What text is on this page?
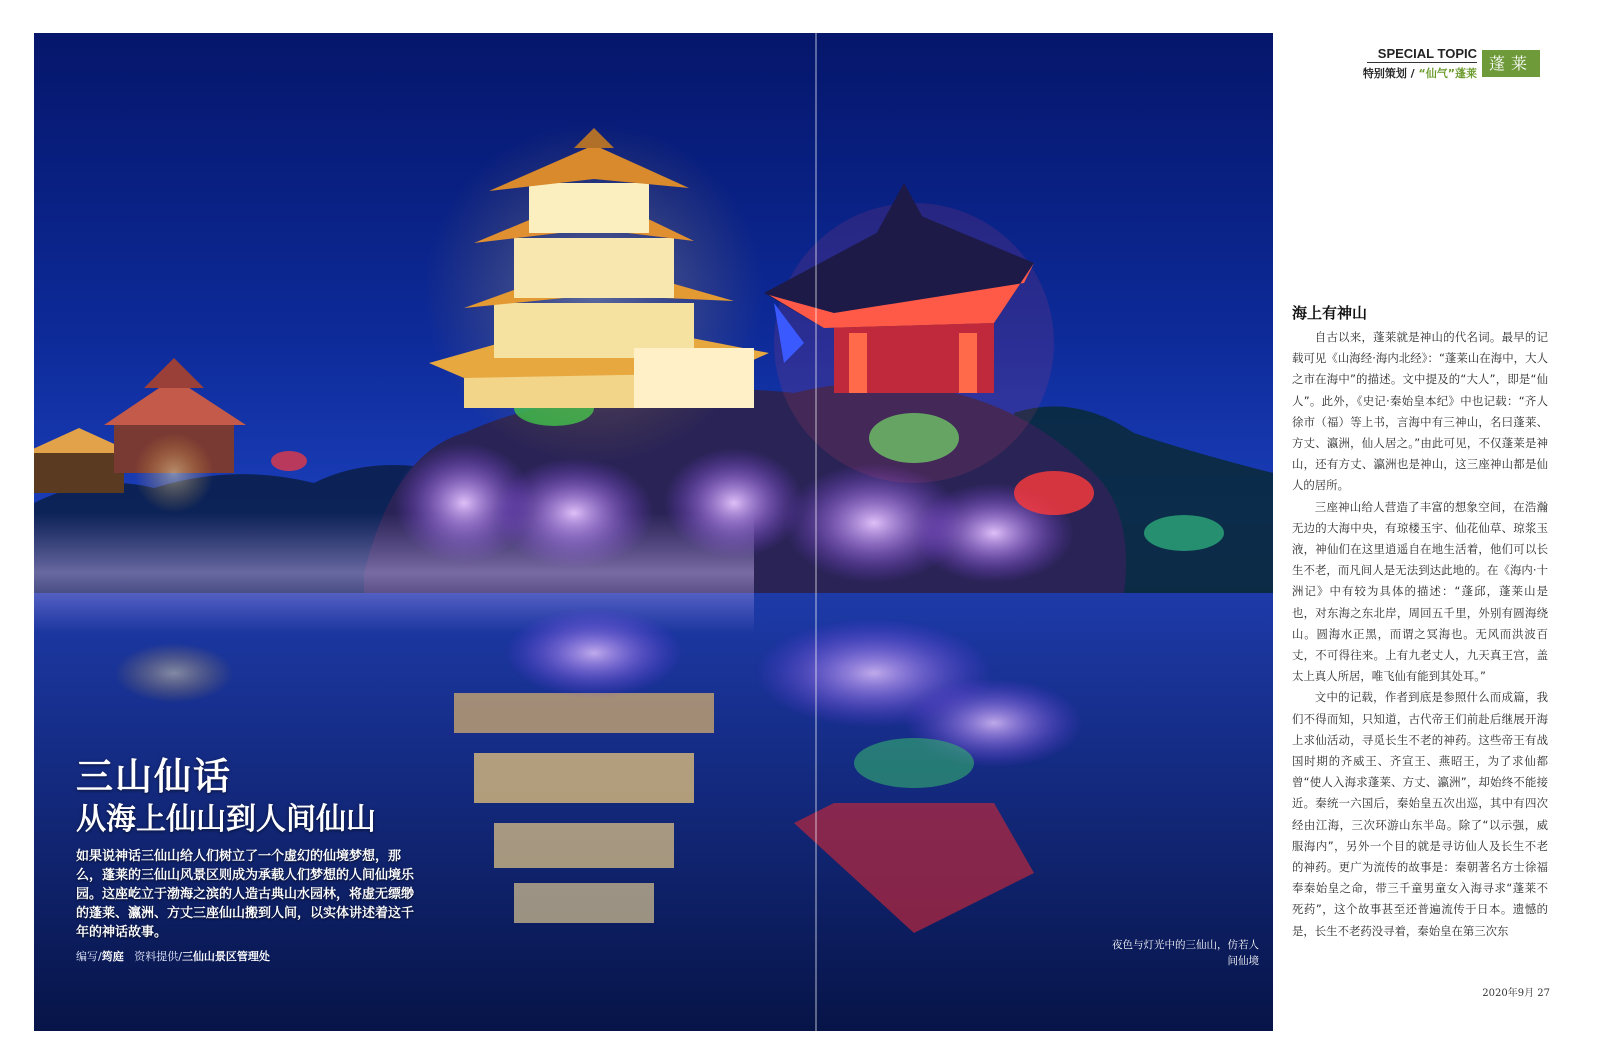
三山仙话
从海上仙山到人间仙山

如果说神话三仙山给人们树立了一个虚幻的仙境梦想，那么，蓬莱的三仙山风景区则成为承载人们梦想的人间仙境乐园。这座屹立于渤海之滨的人造古典山水园林，将虚无缥缈的蓬莱、瀛洲、方丈三座仙山搬到人间，以实体讲述着这千年的神话故事。

编写/筠庭 资料提供/三仙山景区管理处
夜色与灯光中的三仙山，仿若人间仙境
SPECIAL TOPIC
特别策划 / “仙气”蓬莱
蓬莱
海上有神山

自古以来，蓬莱就是神山的代名词。最早的记载可见《山海经·海内北经》：“蓬莱山在海中，大人之市在海中”的描述。文中提及的“大人”，即是“仙人”。此外，《史记·秦始皇本纪》中也记载：“齐人徐市（福）等上书，言海中有三神山，名曰蓬莱、方丈、瀛洲，仙人居之。”由此可见，不仅蓬莱是神山，还有方丈、瀛洲也是神山，这三座神山都是仙人的居所。

三座神山给人营造了丰富的想象空间，在浩瀚无边的大海中央，有琼楼玉宇、仙花仙草、琼浆玉液，神仙们在这里逍遥自在地生活着，他们可以长生不老，而凡间人是无法到达此地的。在《海内·十洲记》中有较为具体的描述：“蓬邱，蓬莱山是也，对东海之东北岸，周回五千里，外别有圆海绕山。圆海水正黑，而谓之冥海也。无风而洪波百丈，不可得往来。上有九老丈人，九天真王宫，盖太上真人所居，唯飞仙有能到其处耳。”

文中的记载，作者到底是参照什么而成篇，我们不得而知，只知道，古代帝王们前赴后继展开海上求仙活动，寻觅长生不老的神药。这些帝王有战国时期的齐威王、齐宣王、燕昭王，为了求仙都曾“使人入海求蓬莱、方丈、瀛洲”，却始终不能接近。秦统一六国后，秦始皇五次出巡，其中有四次经由江海，三次环游山东半岛。除了“以示强，威服海内”，另外一个目的就是寻访仙人及长生不老的神药。更广为流传的故事是：秦朝著名方士徐福奉秦始皇之命，带三千童男童女入海寻求“蓬莱不死药”，这个故事甚至还普遍流传于日本。遗憾的是，长生不老药没寻着，秦始皇在第三次东

2020年9月 27
